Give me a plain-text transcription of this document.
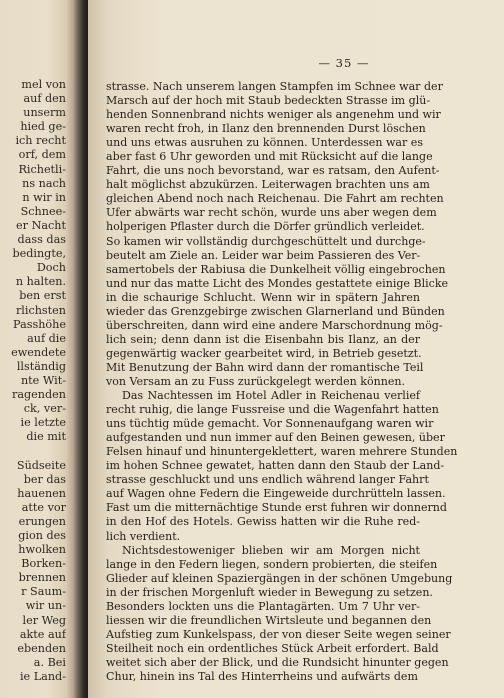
mel von
auf den
unserm
hied ge-
ich recht
orf, dem
Richetli-
ns nach
n wir in
Schnee-
er Nacht
dass das
bedingte,
Doch
n halten.
ben erst
rlichsten
Passhöhe
auf die
ewendete
llständig
nte Wit-
ragenden
ck, ver-
ie letzte
die mit
Südseite
ber das
hauenen
atte vor
erungen
gion des
hwolken
Borken-
brennen
r Saum-
wir un-
ler Weg
akte auf
ebenden
a. Bei
ie Land-
— 35 —

strasse. Nach unserem langen Stampfen im Schnee war der
Marsch auf der hoch mit Staub bedeckten Strasse im glü-
henden Sonnenbrand nichts weniger als angenehm und wir
waren recht froh, in Ilanz den brennenden Durst löschen
und uns etwas ausruhen zu können. Unterdessen war es
aber fast 6 Uhr geworden und mit Rücksicht auf die lange
Fahrt, die uns noch bevorstand, war es ratsam, den Aufent-
halt möglichst abzukürzen. Leiterwagen brachten uns am
gleichen Abend noch nach Reichenau. Die Fahrt am rechten
Ufer abwärts war recht schön, wurde uns aber wegen dem
holperigen Pflaster durch die Dörfer gründlich verleidet.
So kamen wir vollständig durchgeschüttelt und durchge-
beutelt am Ziele an. Leider war beim Passieren des Ver-
samertobels der Rabiusa die Dunkelheit völlig eingebrochen
und nur das matte Licht des Mondes gestattete einige Blicke
in die schaurige Schlucht. Wenn wir in spätern Jahren
wieder das Grenzgebirge zwischen Glarnerland und Bünden
überschreiten, dann wird eine andere Marschordnung mög-
lich sein; denn dann ist die Eisenbahn bis Ilanz, an der
gegenwärtig wacker gearbeitet wird, in Betrieb gesetzt.
Mit Benutzung der Bahn wird dann der romantische Teil
von Versam an zu Fuss zurückgelegt werden können.

Das Nachtessen im Hotel Adler in Reichenau verlief
recht ruhig, die lange Fussreise und die Wagenfahrt hatten
uns tüchtig müde gemacht. Vor Sonnenaufgang waren wir
aufgestanden und nun immer auf den Beinen gewesen, über
Felsen hinauf und hinuntergeklettert, waren mehrere Stunden
im hohen Schnee gewatet, hatten dann den Staub der Land-
strasse geschluckt und uns endlich während langer Fahrt
auf Wagen ohne Federn die Eingeweide durchrütteln lassen.
Fast um die mitternächtige Stunde erst fuhren wir donnernd
in den Hof des Hotels. Gewiss hatten wir die Ruhe red-
lich verdient.

Nichtsdestoweniger blieben wir am Morgen nicht
lange in den Federn liegen, sondern probierten, die steifen
Glieder auf kleinen Spaziergängen in der schönen Umgebung
in der frischen Morgenluft wieder in Bewegung zu setzen.
Besonders lockten uns die Plantagärten. Um 7 Uhr ver-
liessen wir die freundlichen Wirtsleute und begannen den
Aufstieg zum Kunkelspass, der von dieser Seite wegen seiner
Steilheit noch ein ordentliches Stück Arbeit erfordert. Bald
weitet sich aber der Blick, und die Rundsicht hinunter gegen
Chur, hinein ins Tal des Hinterrheins und aufwärts dem
